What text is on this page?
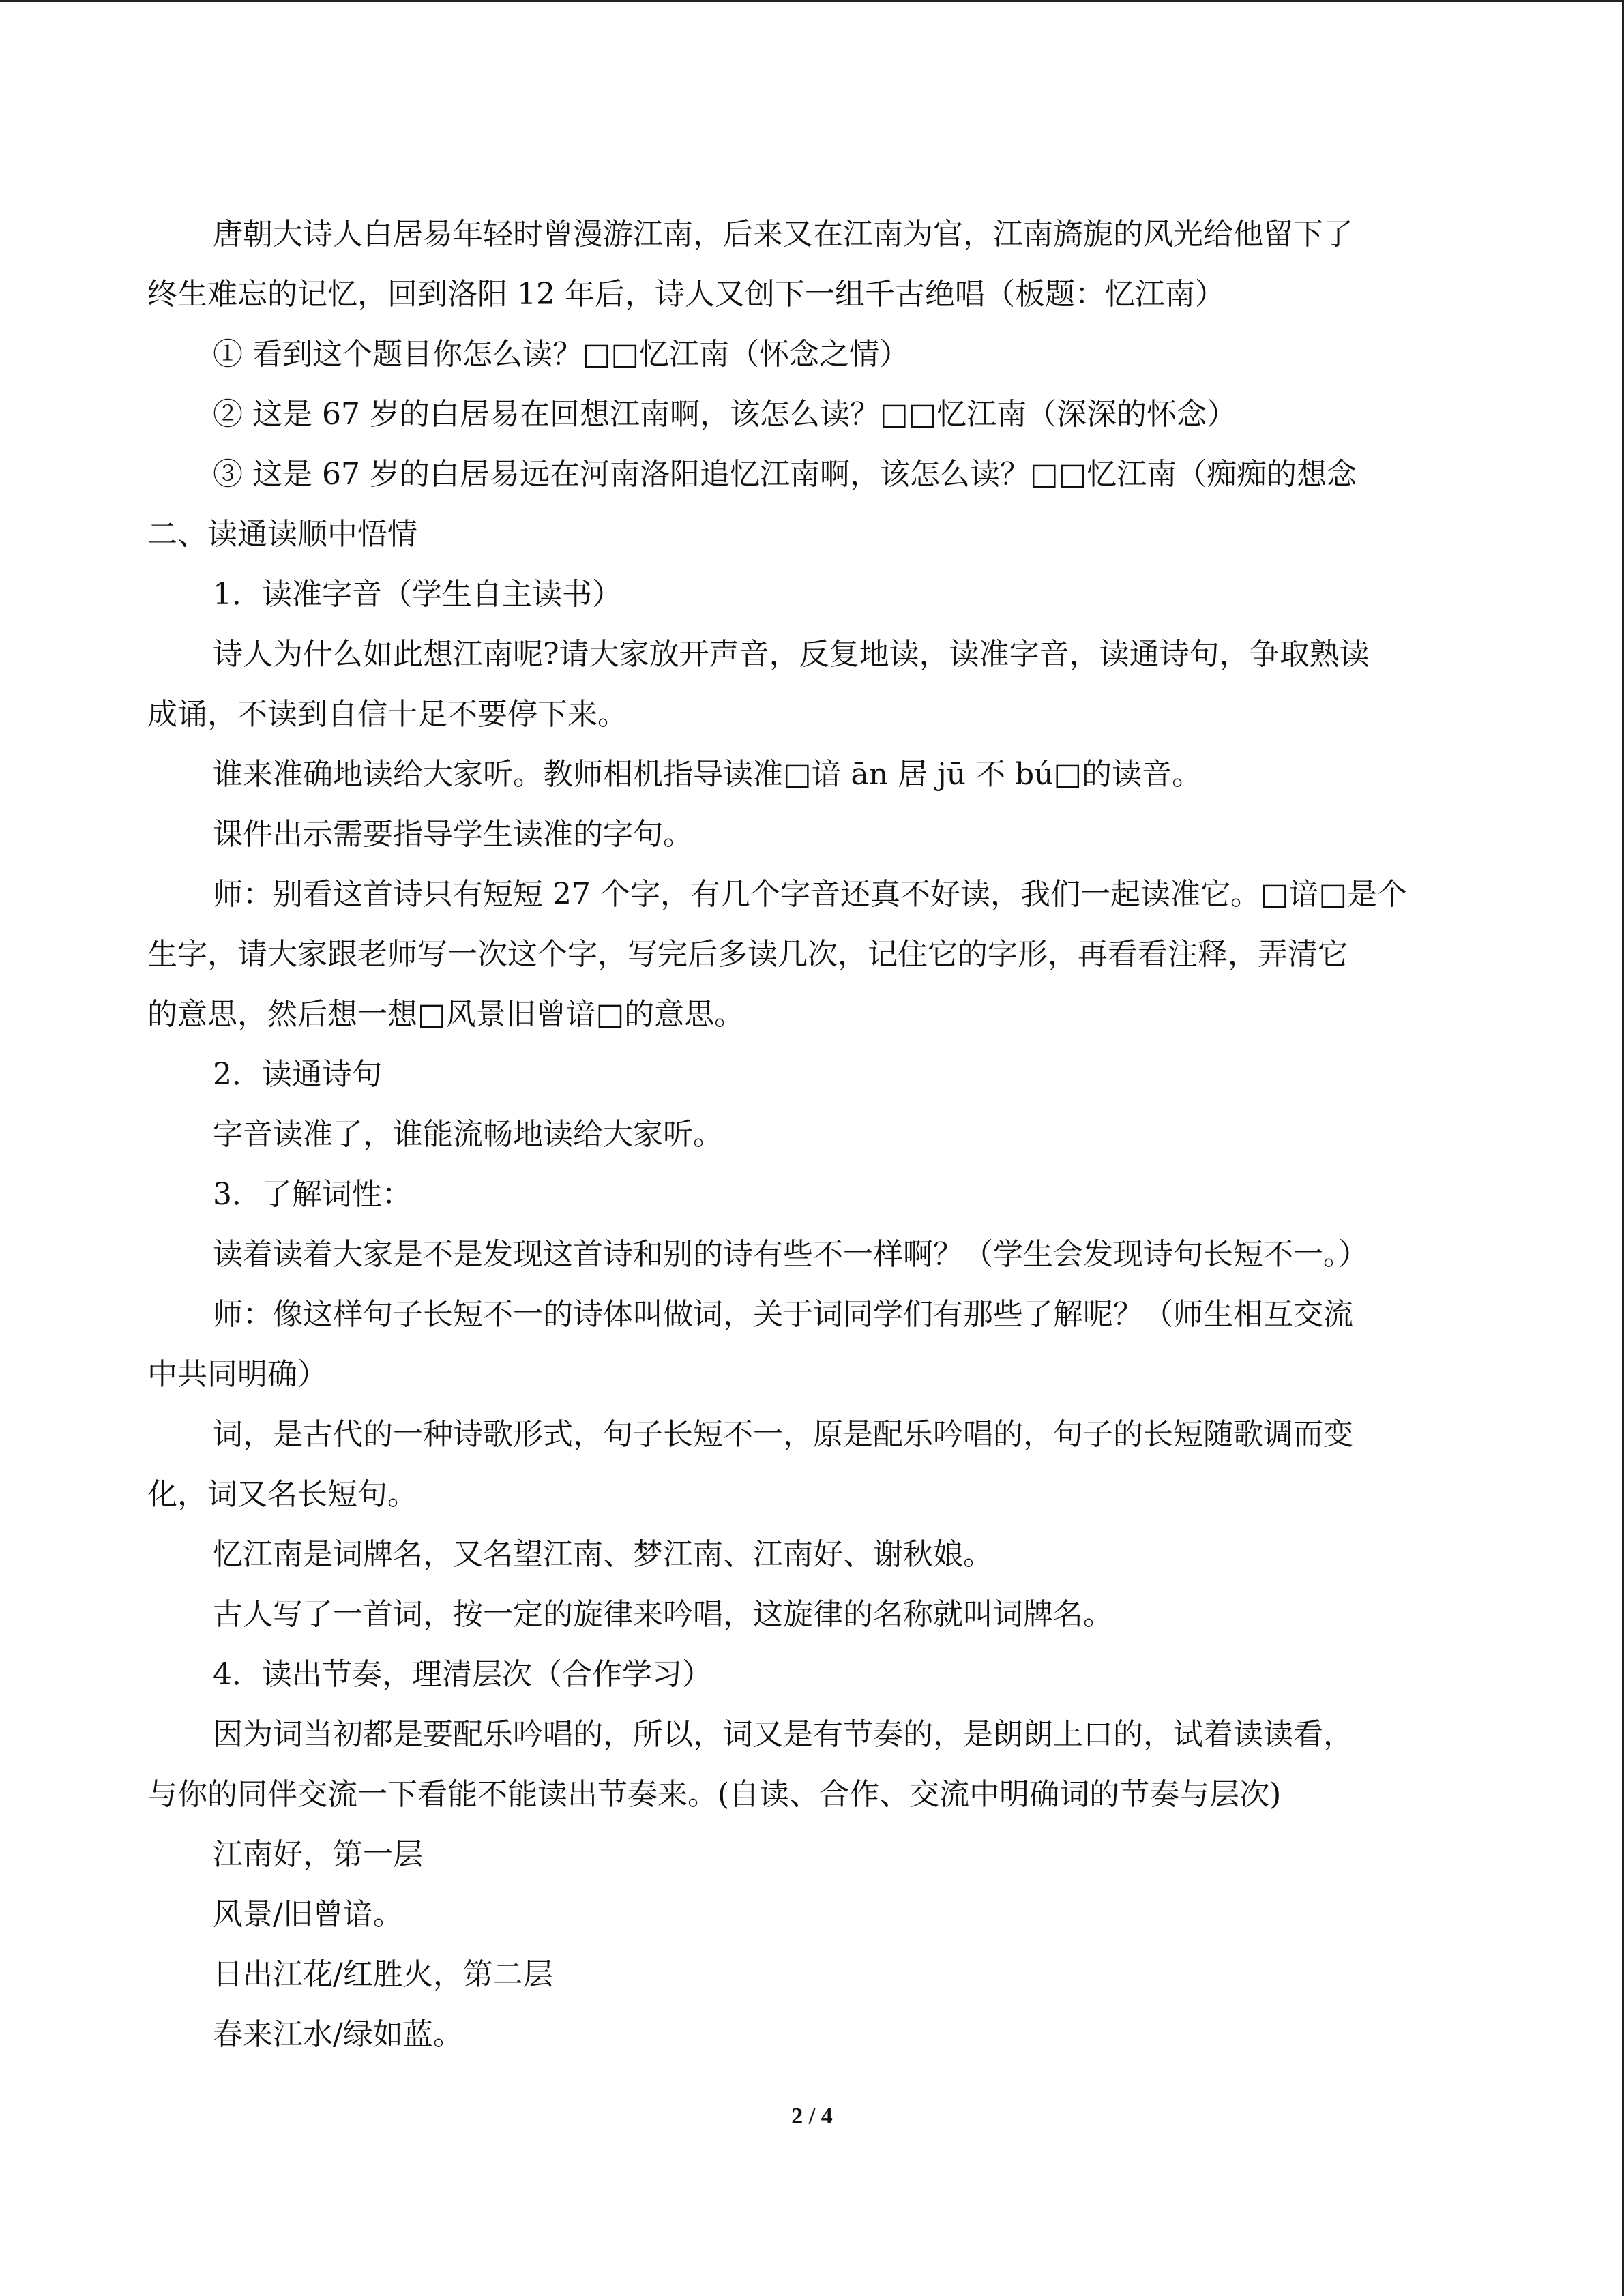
唐朝大诗人白居易年轻时曾漫游江南，后来又在江南为官，江南旖旎的风光给他留下了

终生难忘的记忆，回到洛阳 12 年后，诗人又创下一组千古绝唱（板题：忆江南）

① 看到这个题目你怎么读？□□忆江南（怀念之情）

② 这是 67 岁的白居易在回想江南啊，该怎么读？□□忆江南（深深的怀念）

③ 这是 67 岁的白居易远在河南洛阳追忆江南啊，该怎么读？□□忆江南（痴痴的想念

二、读通读顺中悟情

1．读准字音（学生自主读书）

诗人为什么如此想江南呢?请大家放开声音，反复地读，读准字音，读通诗句，争取熟读

成诵，不读到自信十足不要停下来。

谁来准确地读给大家听。教师相机指导读准□谙 ān 居 jū 不 bú□的读音。

课件出示需要指导学生读准的字句。

师：别看这首诗只有短短 27 个字，有几个字音还真不好读，我们一起读准它。□谙□是个

生字，请大家跟老师写一次这个字，写完后多读几次，记住它的字形，再看看注释，弄清它

的意思，然后想一想□风景旧曾谙□的意思。

2．读通诗句

字音读准了，谁能流畅地读给大家听。

3．了解词性：

读着读着大家是不是发现这首诗和别的诗有些不一样啊？（学生会发现诗句长短不一。）

师：像这样句子长短不一的诗体叫做词，关于词同学们有那些了解呢？（师生相互交流

中共同明确）

词，是古代的一种诗歌形式，句子长短不一，原是配乐吟唱的，句子的长短随歌调而变

化，词又名长短句。

忆江南是词牌名，又名望江南、梦江南、江南好、谢秋娘。

古人写了一首词，按一定的旋律来吟唱，这旋律的名称就叫词牌名。

4．读出节奏，理清层次（合作学习）

因为词当初都是要配乐吟唱的，所以，词又是有节奏的，是朗朗上口的，试着读读看，

与你的同伴交流一下看能不能读出节奏来。(自读、合作、交流中明确词的节奏与层次)

江南好，第一层

风景/旧曾谙。

日出江花/红胜火，第二层

春来江水/绿如蓝。

2 / 4
